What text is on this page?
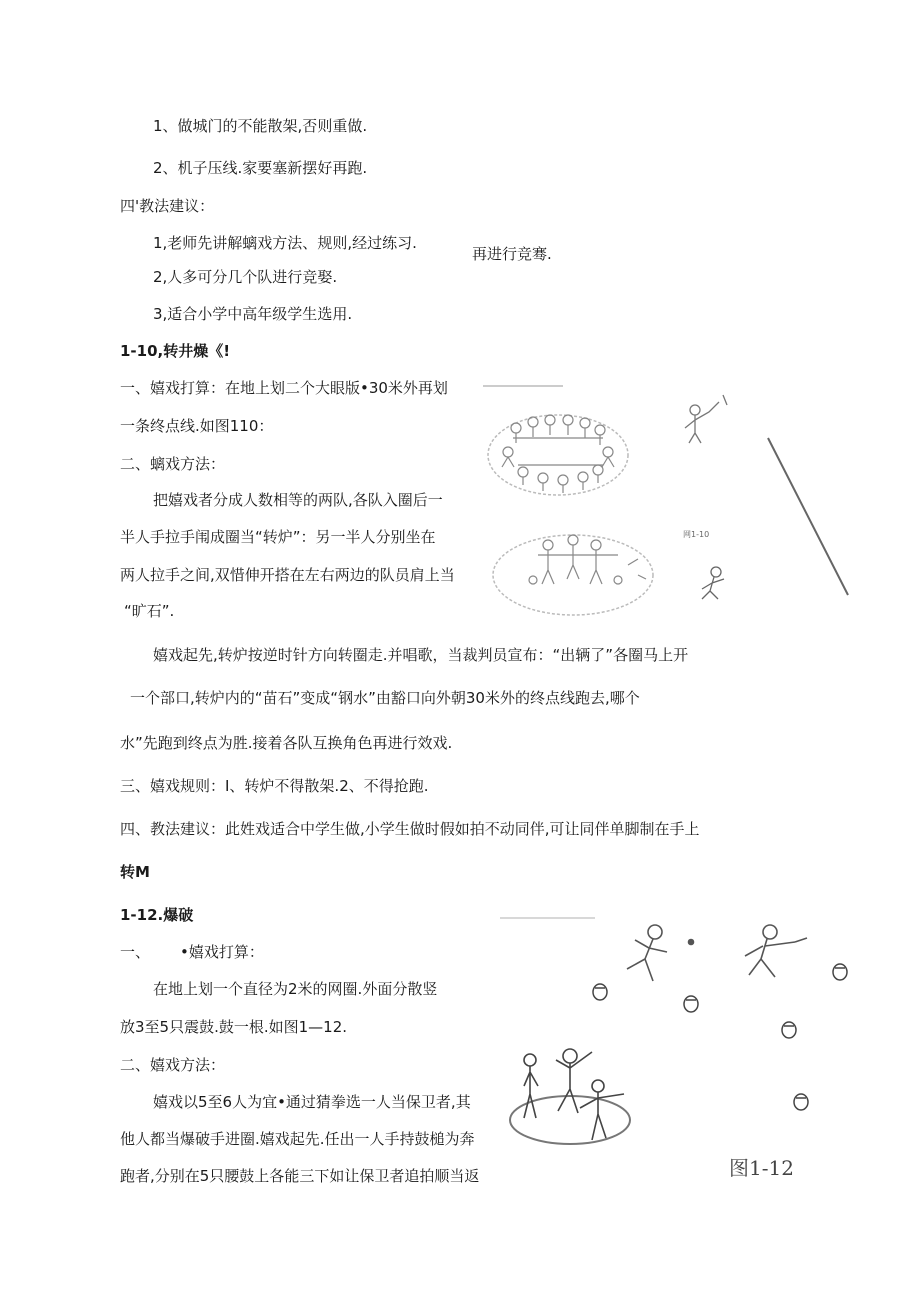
1、做城门的不能散架,否则重做.
2、机子压线.家要塞新摆好再跑.
四'教法建议：
1,老师先讲解螭戏方法、规则,经过练习.
再进行竞骞.
2,人多可分几个队进行竞娶.
3,适合小学中高年级学生选用.
1-10,转井燥《!
一、嬉戏打算：在地上划二个大眼版•30米外再划
一条终点线.如图110：
二、螭戏方法：
把嬉戏者分成人数相等的两队,各队入圈后一
半人手拉手闱成圈当“转炉”：另一半人分别坐在
两人拉手之间,双惜伸开搭在左右两边的队员肩上当
“旷石”.
嬉戏起先,转炉按逆时针方向转圈走.并唱歌，当裁判员宣布：“出辆了”各圈马上开
一个部口,转炉内的“苗石”变成“钢水”由豁口向外朝30米外的终点线跑去,哪个
水”先跑到终点为胜.接着各队互换角色再进行效戏.
三、嬉戏规则：I、转炉不得散架.2、不得抢跑.
四、教法建议：此姓戏适合中学生做,小学生做时假如拍不动同伴,可让同伴单脚制在手上
转M
网1-10
1-12.爆破
一、 •嬉戏打算：
在地上划一个直径为2米的网圈.外面分散竖
放3至5只震鼓.鼓一根.如图1—12.
二、嬉戏方法：
嬉戏以5至6人为宜•通过猜拳选一人当保卫者,其
他人都当爆破手进圈.嬉戏起先.任出一人手持鼓槌为奔
跑者,分别在5只腰鼓上各能三下如让保卫者追拍顺当返	图1-12
